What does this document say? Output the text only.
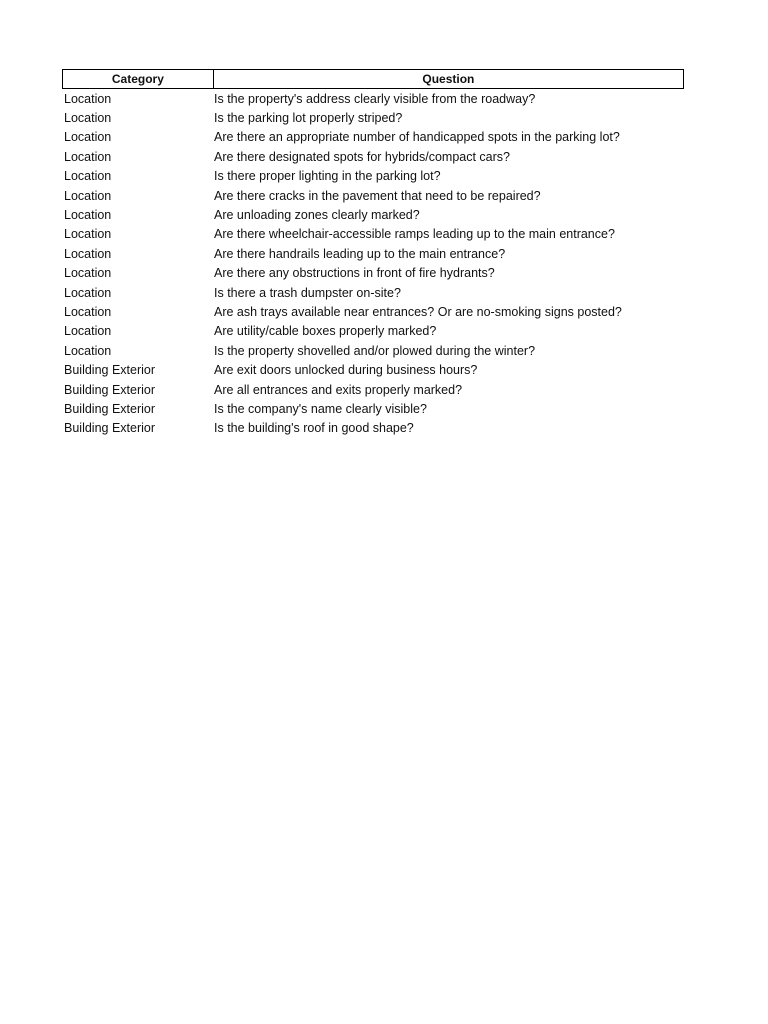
Category	Question
Location	Is the property's address clearly visible from the roadway?
Location	Is the parking lot properly striped?
Location	Are there an appropriate number of handicapped spots in the parking lot?
Location	Are there designated spots for hybrids/compact cars?
Location	Is there proper lighting in the parking lot?
Location	Are there cracks in the pavement that need to be repaired?
Location	Are unloading zones clearly marked?
Location	Are there wheelchair-accessible ramps leading up to the main entrance?
Location	Are there handrails leading up to the main entrance?
Location	Are there any obstructions in front of fire hydrants?
Location	Is there a trash dumpster on-site?
Location	Are ash trays available near entrances? Or are no-smoking signs posted?
Location	Are utility/cable boxes properly marked?
Location	Is the property shovelled and/or plowed during the winter?
Building Exterior	Are exit doors unlocked during business hours?
Building Exterior	Are all entrances and exits properly marked?
Building Exterior	Is the company's name clearly visible?
Building Exterior	Is the building's roof in good shape?
